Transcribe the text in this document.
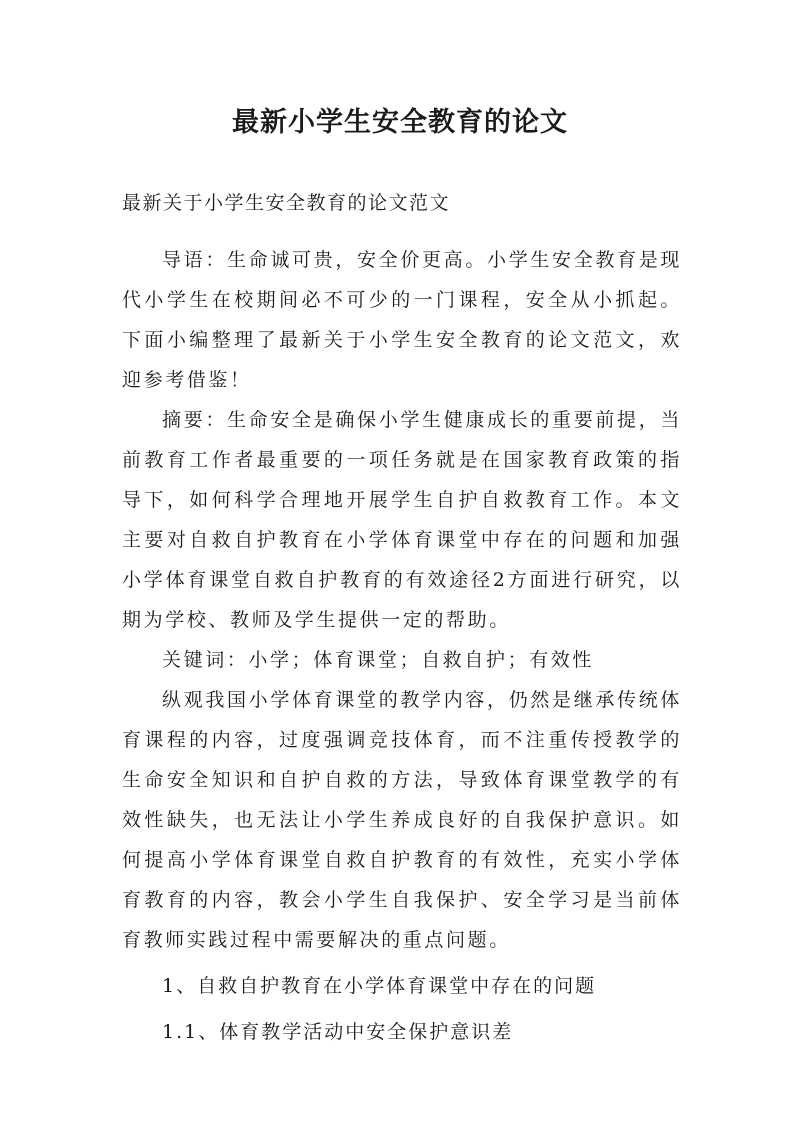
最新小学生安全教育的论文
最新关于小学生安全教育的论文范文

导语：生命诚可贵，安全价更高。小学生安全教育是现代小学生在校期间必不可少的一门课程，安全从小抓起。下面小编整理了最新关于小学生安全教育的论文范文，欢迎参考借鉴！

摘要：生命安全是确保小学生健康成长的重要前提，当前教育工作者最重要的一项任务就是在国家教育政策的指导下，如何科学合理地开展学生自护自救教育工作。本文主要对自救自护教育在小学体育课堂中存在的问题和加强小学体育课堂自救自护教育的有效途径2方面进行研究，以期为学校、教师及学生提供一定的帮助。

关键词：小学；体育课堂；自救自护；有效性

纵观我国小学体育课堂的教学内容，仍然是继承传统体育课程的内容，过度强调竞技体育，而不注重传授教学的生命安全知识和自护自救的方法，导致体育课堂教学的有效性缺失，也无法让小学生养成良好的自我保护意识。如何提高小学体育课堂自救自护教育的有效性，充实小学体育教育的内容，教会小学生自我保护、安全学习是当前体育教师实践过程中需要解决的重点问题。

1、自救自护教育在小学体育课堂中存在的问题

1.1、体育教学活动中安全保护意识差
